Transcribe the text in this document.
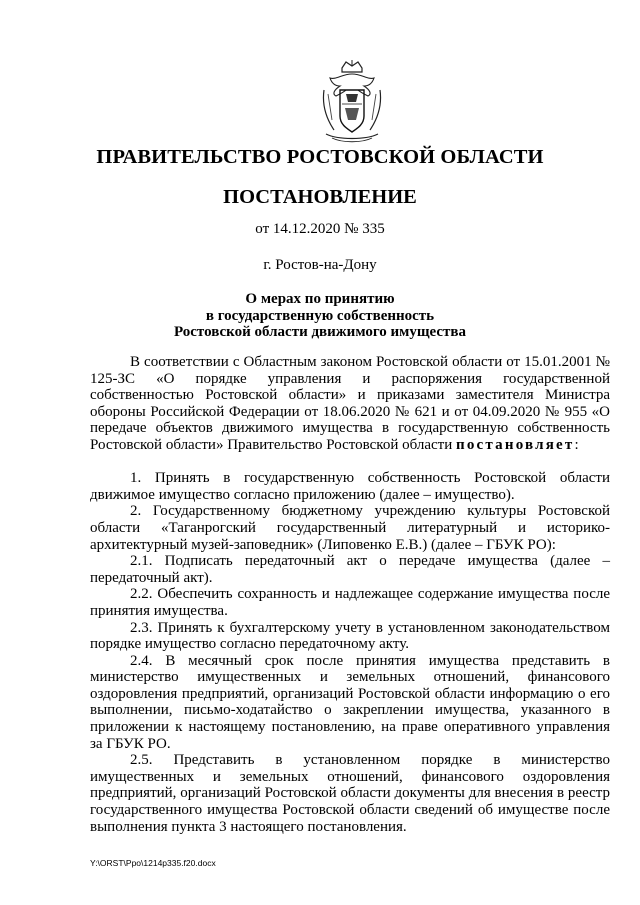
ПРАВИТЕЛЬСТВО РОСТОВСКОЙ ОБЛАСТИ
ПОСТАНОВЛЕНИЕ
от 14.12.2020 № 335
г. Ростов-на-Дону
О мерах по принятию
в государственную собственность
Ростовской области движимого имущества

В соответствии с Областным законом Ростовской области от 15.01.2001 № 125-ЗС «О порядке управления и распоряжения государственной собственностью Ростовской области» и приказами заместителя Министра обороны Российской Федерации от 18.06.2020 № 621 и от 04.09.2020 № 955 «О передаче объектов движимого имущества в государственную собственность Ростовской области» Правительство Ростовской области постановляет:

1. Принять в государственную собственность Ростовской области движимое имущество согласно приложению (далее – имущество).

2. Государственному бюджетному учреждению культуры Ростовской области «Таганрогский государственный литературный и историко-архитектурный музей-заповедник» (Липовенко Е.В.) (далее – ГБУК РО):

2.1. Подписать передаточный акт о передаче имущества (далее – передаточный акт).

2.2. Обеспечить сохранность и надлежащее содержание имущества после принятия имущества.

2.3. Принять к бухгалтерскому учету в установленном законодательством порядке имущество согласно передаточному акту.

2.4. В месячный срок после принятия имущества представить в министерство имущественных и земельных отношений, финансового оздоровления предприятий, организаций Ростовской области информацию о его выполнении, письмо-ходатайство о закреплении имущества, указанного в приложении к настоящему постановлению, на праве оперативного управления за ГБУК РО.

2.5. Представить в установленном порядке в министерство имущественных и земельных отношений, финансового оздоровления предприятий, организаций Ростовской области документы для внесения в реестр государственного имущества Ростовской области сведений об имуществе после выполнения пункта 3 настоящего постановления.

Y:\ORST\Ppo\1214p335.f20.docx
